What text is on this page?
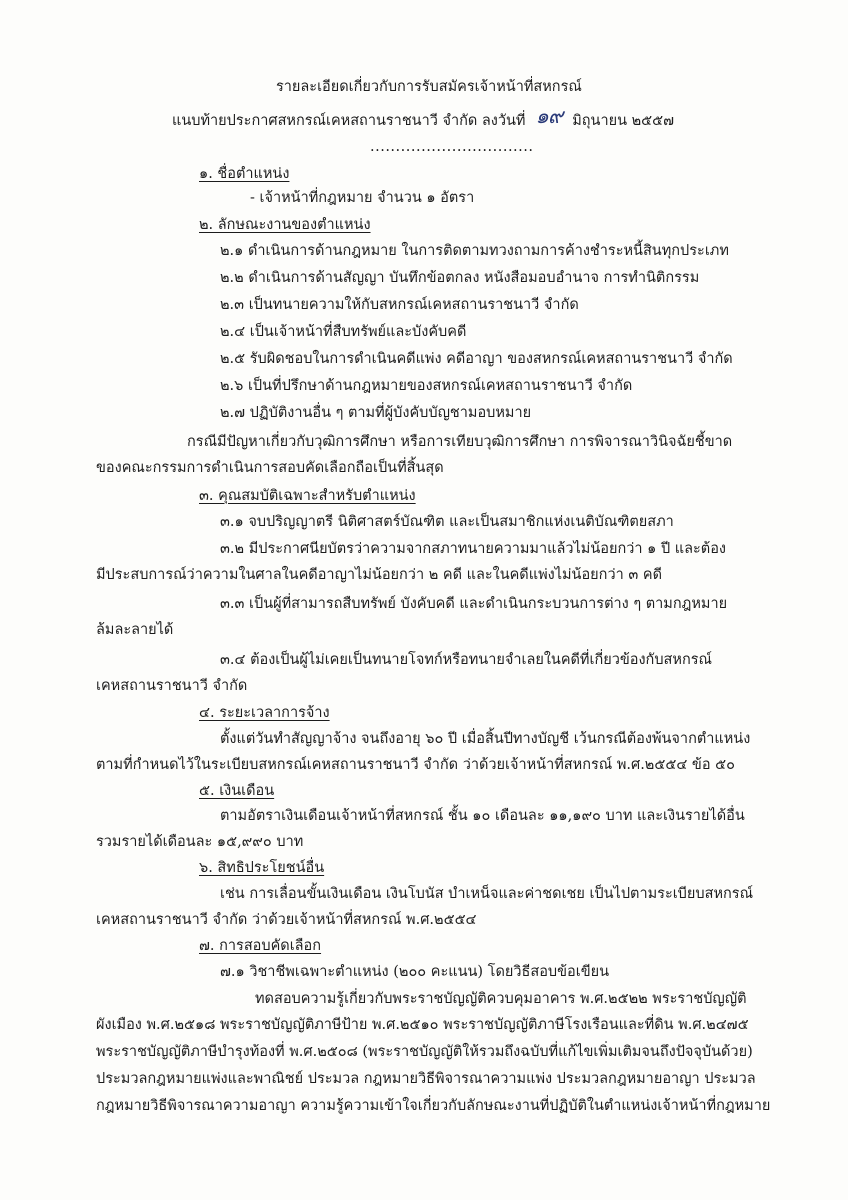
รายละเอียดเกี่ยวกับการรับสมัครเจ้าหน้าที่สหกรณ์
แนบท้ายประกาศสหกรณ์เคหสถานราชนาวี จำกัด ลงวันที่ ๑๙ มิถุนายน ๒๕๕๗
................................
๑. ชื่อตำแหน่ง
- เจ้าหน้าที่กฎหมาย จำนวน ๑ อัตรา
๒. ลักษณะงานของตำแหน่ง
๒.๑ ดำเนินการด้านกฎหมาย ในการติดตามทวงถามการค้างชำระหนี้สินทุกประเภท
๒.๒ ดำเนินการด้านสัญญา บันทึกข้อตกลง หนังสือมอบอำนาจ การทำนิติกรรม
๒.๓ เป็นทนายความให้กับสหกรณ์เคหสถานราชนาวี จำกัด
๒.๔ เป็นเจ้าหน้าที่สืบทรัพย์และบังคับคดี
๒.๕ รับผิดชอบในการดำเนินคดีแพ่ง คดีอาญา ของสหกรณ์เคหสถานราชนาวี จำกัด
๒.๖ เป็นที่ปรึกษาด้านกฎหมายของสหกรณ์เคหสถานราชนาวี จำกัด
๒.๗ ปฏิบัติงานอื่น ๆ ตามที่ผู้บังคับบัญชามอบหมาย
กรณีมีปัญหาเกี่ยวกับวุฒิการศึกษา หรือการเทียบวุฒิการศึกษา การพิจารณาวินิจฉัยชี้ขาด
ของคณะกรรมการดำเนินการสอบคัดเลือกถือเป็นที่สิ้นสุด
๓. คุณสมบัติเฉพาะสำหรับตำแหน่ง
๓.๑ จบปริญญาตรี นิติศาสตร์บัณฑิต และเป็นสมาชิกแห่งเนติบัณฑิตยสภา
๓.๒ มีประกาศนียบัตรว่าความจากสภาทนายความมาแล้วไม่น้อยกว่า ๑ ปี และต้อง
มีประสบการณ์ว่าความในศาลในคดีอาญาไม่น้อยกว่า ๒ คดี และในคดีแพ่งไม่น้อยกว่า ๓ คดี
๓.๓ เป็นผู้ที่สามารถสืบทรัพย์ บังคับคดี และดำเนินกระบวนการต่าง ๆ ตามกฎหมาย
ล้มละลายได้
๓.๔ ต้องเป็นผู้ไม่เคยเป็นทนายโจทก์หรือทนายจำเลยในคดีที่เกี่ยวข้องกับสหกรณ์
เคหสถานราชนาวี จำกัด
๔. ระยะเวลาการจ้าง
ตั้งแต่วันทำสัญญาจ้าง จนถึงอายุ ๖๐ ปี เมื่อสิ้นปีทางบัญชี เว้นกรณีต้องพ้นจากตำแหน่ง
ตามที่กำหนดไว้ในระเบียบสหกรณ์เคหสถานราชนาวี จำกัด ว่าด้วยเจ้าหน้าที่สหกรณ์ พ.ศ.๒๕๕๔ ข้อ ๕๐
๕. เงินเดือน
ตามอัตราเงินเดือนเจ้าหน้าที่สหกรณ์ ชั้น ๑๐ เดือนละ ๑๑,๑๙๐ บาท และเงินรายได้อื่น
รวมรายได้เดือนละ ๑๕,๙๙๐ บาท
๖. สิทธิประโยชน์อื่น
เช่น การเลื่อนขั้นเงินเดือน เงินโบนัส บำเหน็จและค่าชดเชย เป็นไปตามระเบียบสหกรณ์
เคหสถานราชนาวี จำกัด ว่าด้วยเจ้าหน้าที่สหกรณ์ พ.ศ.๒๕๕๔
๗. การสอบคัดเลือก
๗.๑ วิชาชีพเฉพาะตำแหน่ง (๒๐๐ คะแนน) โดยวิธีสอบข้อเขียน
ทดสอบความรู้เกี่ยวกับพระราชบัญญัติควบคุมอาคาร พ.ศ.๒๕๒๒ พระราชบัญญัติ
ผังเมือง พ.ศ.๒๕๑๘ พระราชบัญญัติภาษีป้าย พ.ศ.๒๕๑๐ พระราชบัญญัติภาษีโรงเรือนและที่ดิน พ.ศ.๒๔๗๕
พระราชบัญญัติภาษีบำรุงท้องที่ พ.ศ.๒๕๐๘ (พระราชบัญญัติให้รวมถึงฉบับที่แก้ไขเพิ่มเติมจนถึงปัจจุบันด้วย)
ประมวลกฎหมายแพ่งและพาณิชย์ ประมวล กฎหมายวิธีพิจารณาความแพ่ง ประมวลกฎหมายอาญา ประมวล
กฎหมายวิธีพิจารณาความอาญา ความรู้ความเข้าใจเกี่ยวกับลักษณะงานที่ปฏิบัติในตำแหน่งเจ้าหน้าที่กฎหมาย
